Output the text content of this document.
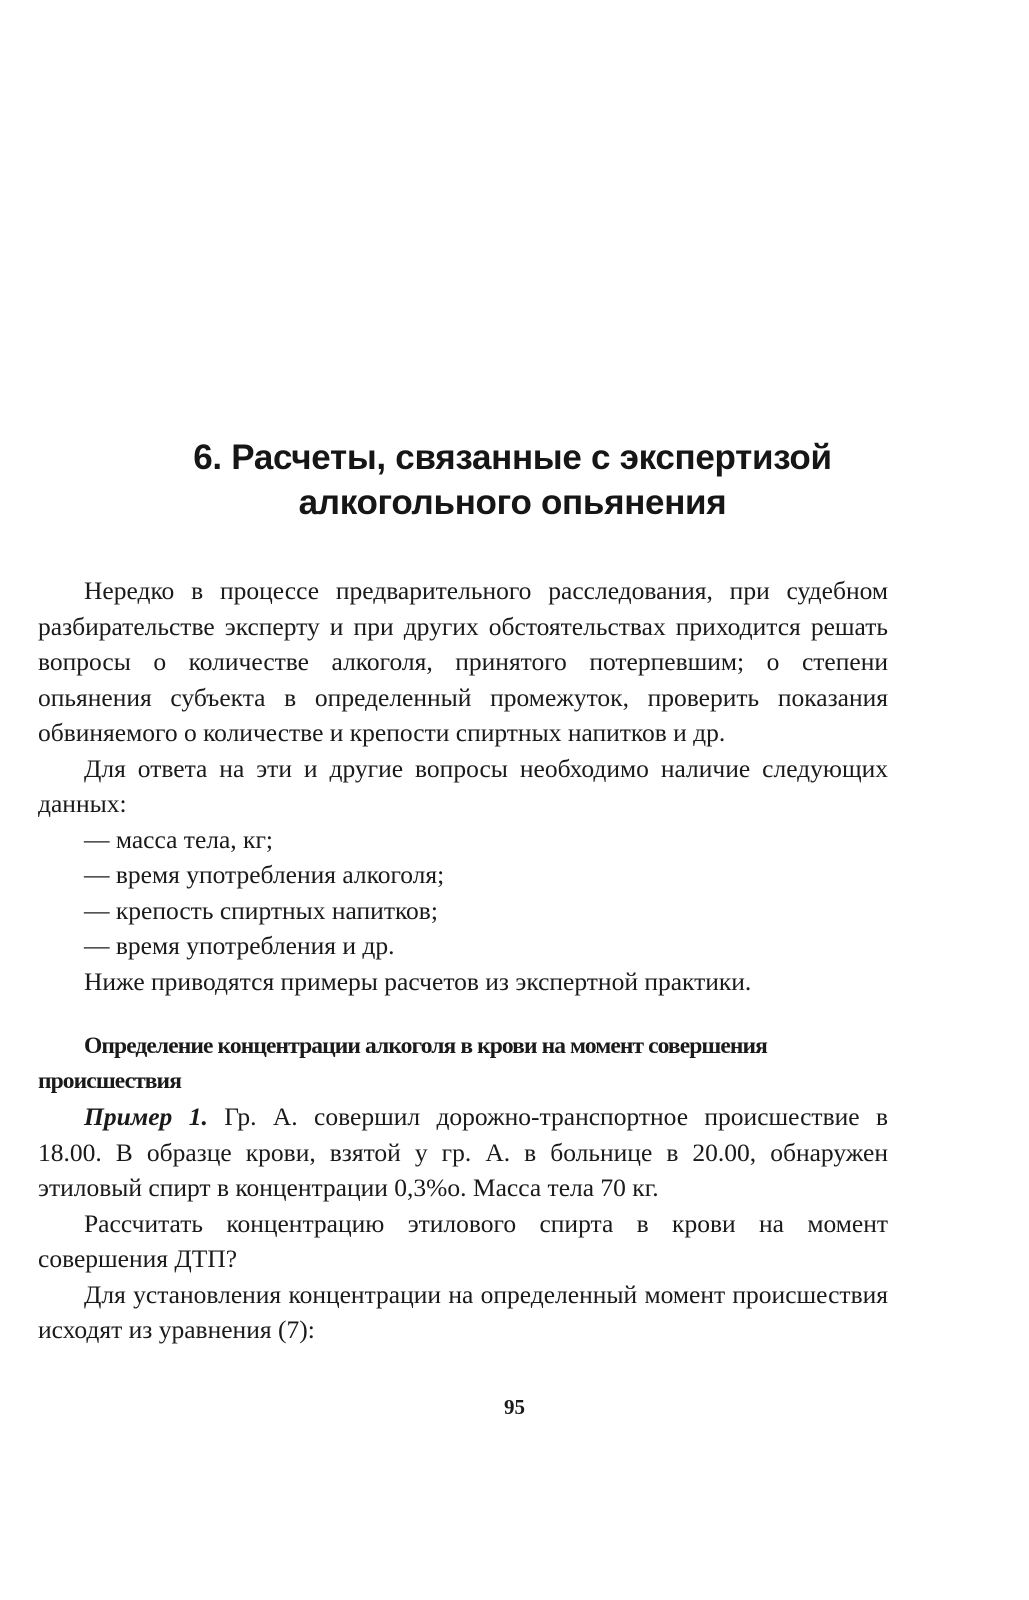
6. Расчеты, связанные с экспертизой
алкогольного опьянения

Нередко в процессе предварительного расследования, при судебном разбирательстве эксперту и при других обстоятельствах приходится решать вопросы о количестве алкоголя, принятого потерпевшим; о степени опьянения субъекта в определенный промежуток, проверить показания обвиняемого о количестве и крепости спиртных напитков и др.

Для ответа на эти и другие вопросы необходимо наличие следующих данных:

— масса тела, кг;
— время употребления алкоголя;
— крепость спиртных напитков;
— время употребления и др.

Ниже приводятся примеры расчетов из экспертной практики.

Определение концентрации алкоголя в крови на момент совершения происшествия

Пример 1. Гр. А. совершил дорожно-транспортное происшествие в 18.00. В образце крови, взятой у гр. А. в больнице в 20.00, обнаружен этиловый спирт в концентрации 0,3%о. Масса тела 70 кг.

Рассчитать концентрацию этилового спирта в крови на момент совершения ДТП?

Для установления концентрации на определенный момент происшествия исходят из уравнения (7):

95
